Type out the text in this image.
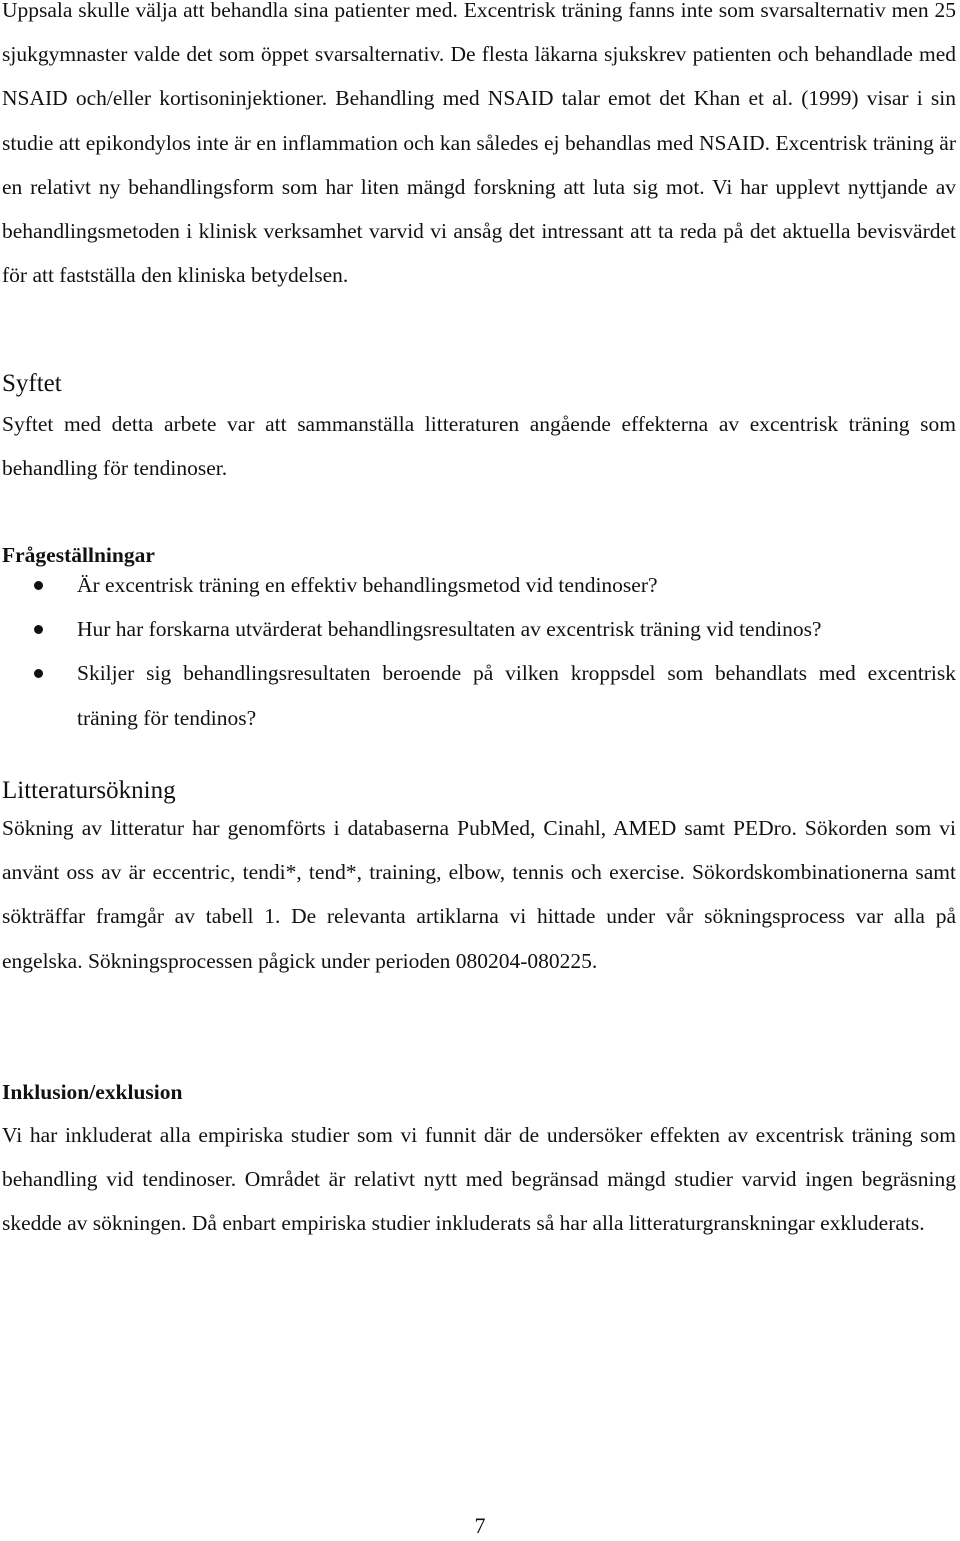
Uppsala skulle välja att behandla sina patienter med. Excentrisk träning fanns inte som svarsalternativ men 25 sjukgymnaster valde det som öppet svarsalternativ. De flesta läkarna sjukskrev patienten och behandlade med NSAID och/eller kortisoninjektioner. Behandling med NSAID talar emot det Khan et al. (1999) visar i sin studie att epikondylos inte är en inflammation och kan således ej behandlas med NSAID. Excentrisk träning är en relativt ny behandlingsform som har liten mängd forskning att luta sig mot. Vi har upplevt nyttjande av behandlingsmetoden i klinisk verksamhet varvid vi ansåg det intressant att ta reda på det aktuella bevisvärdet för att fastställa den kliniska betydelsen.

Syftet

Syftet med detta arbete var att sammanställa litteraturen angående effekterna av excentrisk träning som behandling för tendinoser.

Frågeställningar
Är excentrisk träning en effektiv behandlingsmetod vid tendinoser?
Hur har forskarna utvärderat behandlingsresultaten av excentrisk träning vid tendinos?
Skiljer sig behandlingsresultaten beroende på vilken kroppsdel som behandlats med excentrisk träning för tendinos?
Litteratursökning

Sökning av litteratur har genomförts i databaserna PubMed, Cinahl, AMED samt PEDro. Sökorden som vi använt oss av är eccentric, tendi*, tend*, training, elbow, tennis och exercise. Sökordskombinationerna samt sökträffar framgår av tabell 1. De relevanta artiklarna vi hittade under vår sökningsprocess var alla på engelska. Sökningsprocessen pågick under perioden 080204-080225.

Inklusion/exklusion

Vi har inkluderat alla empiriska studier som vi funnit där de undersöker effekten av excentrisk träning som behandling vid tendinoser. Området är relativt nytt med begränsad mängd studier varvid ingen begräsning skedde av sökningen. Då enbart empiriska studier inkluderats så har alla litteraturgranskningar exkluderats.

7
